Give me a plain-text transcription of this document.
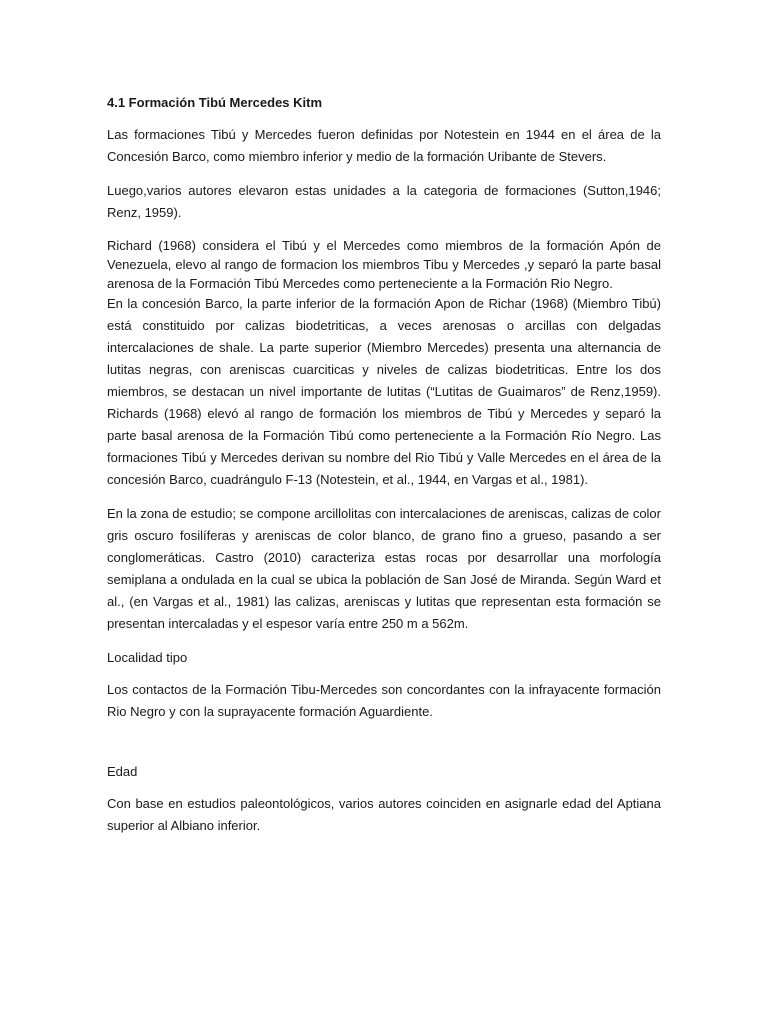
4.1 Formación Tibú Mercedes Kitm

Las formaciones Tibú y Mercedes fueron definidas por Notestein en 1944 en el área de la Concesión Barco, como miembro inferior y medio de la formación Uribante de Stevers.

Luego,varios autores elevaron estas unidades a la categoria de formaciones (Sutton,1946; Renz, 1959).

Richard (1968) considera el Tibú y el Mercedes como miembros de la formación Apón de Venezuela, elevo al rango de formacion los miembros Tibu y Mercedes ,y separó la parte basal arenosa de la Formación Tibú Mercedes como perteneciente a la Formación Rio Negro.

En la concesión Barco, la parte inferior de la formación Apon de Richar (1968) (Miembro Tibú) está constituido por calizas biodetriticas, a veces arenosas o arcillas con delgadas intercalaciones de shale. La parte superior (Miembro Mercedes) presenta una alternancia de lutitas negras, con areniscas cuarciticas y niveles de calizas biodetriticas. Entre los dos miembros, se destacan un nivel importante de lutitas (“Lutitas de Guaimaros” de Renz,1959). Richards (1968) elevó al rango de formación los miembros de Tibú y Mercedes y separó la parte basal arenosa de la Formación Tibú como perteneciente a la Formación Río Negro. Las formaciones Tibú y Mercedes derivan su nombre del Rio Tibú y Valle Mercedes en el área de la concesión Barco, cuadrángulo F-13 (Notestein, et al., 1944, en Vargas et al., 1981).

En la zona de estudio; se compone arcillolitas con intercalaciones de areniscas, calizas de color gris oscuro fosilíferas y areniscas de color blanco, de grano fino a grueso, pasando a ser conglomeráticas. Castro (2010) caracteriza estas rocas por desarrollar una morfología semiplana a ondulada en la cual se ubica la población de San José de Miranda. Según Ward et al., (en Vargas et al., 1981) las calizas, areniscas y lutitas que representan esta formación se presentan intercaladas y el espesor varía entre 250 m a 562m.

Localidad tipo

Los contactos de la Formación Tibu-Mercedes son concordantes con la infrayacente formación Rio Negro y con la suprayacente formación Aguardiente.

Edad

Con base en estudios paleontológicos, varios autores coinciden en asignarle edad del Aptiana superior al Albiano inferior.
